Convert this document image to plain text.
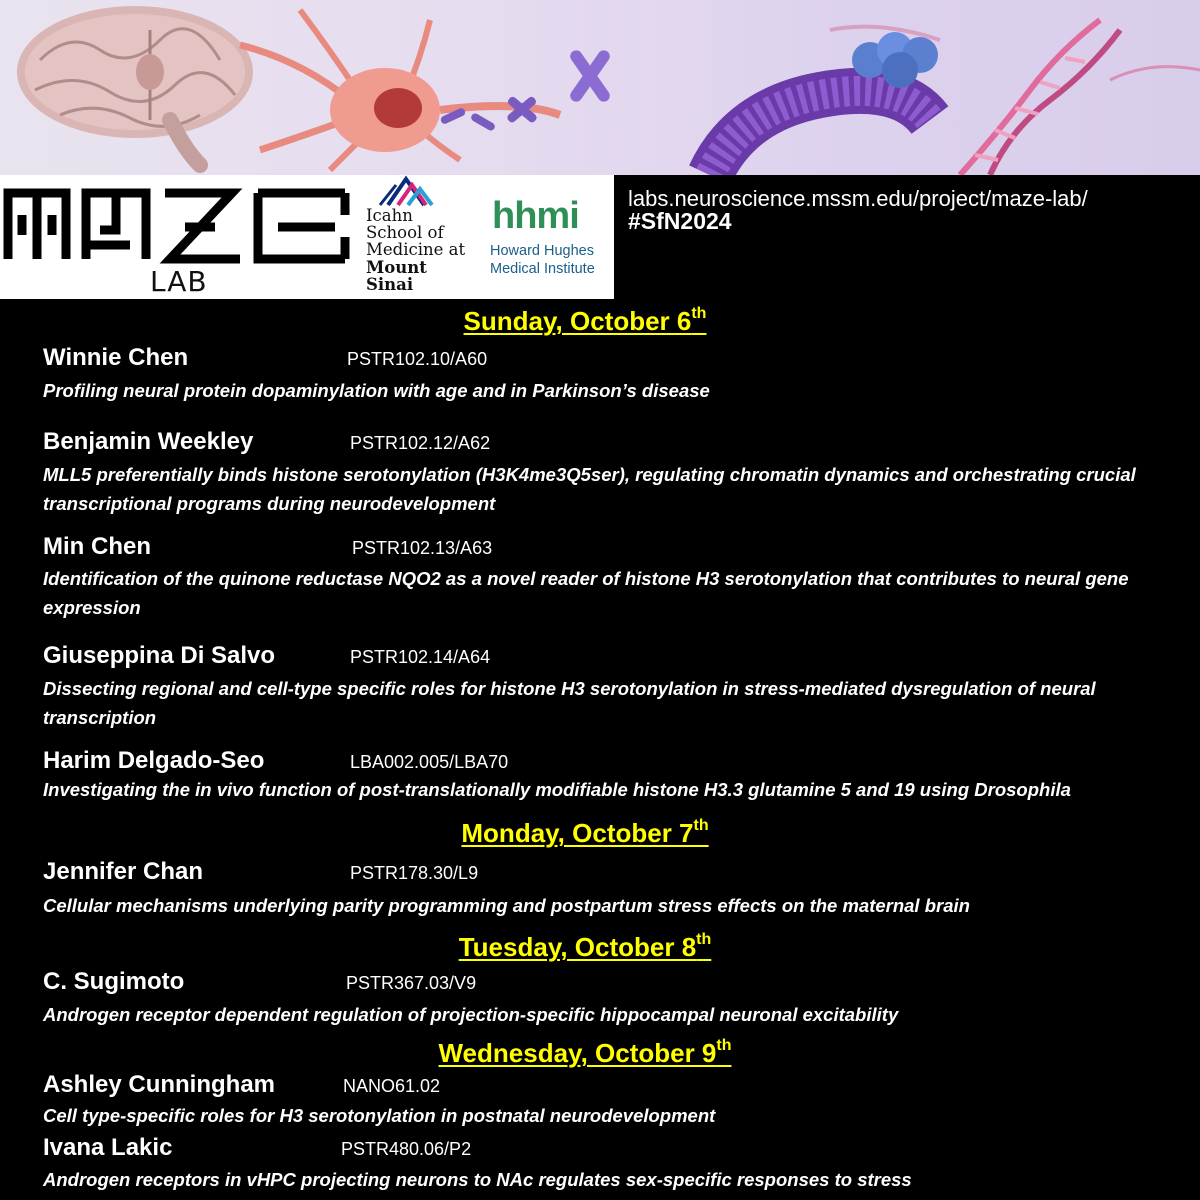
LAB
Icahn
School of
Medicine at
Mount
Sinai
hhmi
Howard Hughes
Medical Institute
labs.neuroscience.mssm.edu/project/maze-lab/
#SfN2024
Sunday, October 6th
Winnie Chen	PSTR102.10/A60
Profiling neural protein dopaminylation with age and in Parkinson’s disease
Benjamin Weekley	PSTR102.12/A62
MLL5 preferentially binds histone serotonylation (H3K4me3Q5ser), regulating chromatin dynamics and orchestrating crucial transcriptional programs during neurodevelopment
Min Chen	PSTR102.13/A63
Identification of the quinone reductase NQO2 as a novel reader of histone H3 serotonylation that contributes to neural gene expression
Giuseppina Di Salvo	PSTR102.14/A64
Dissecting regional and cell-type specific roles for histone H3 serotonylation in stress-mediated dysregulation of neural transcription
Harim Delgado-Seo	LBA002.005/LBA70
Investigating the in vivo function of post-translationally modifiable histone H3.3 glutamine 5 and 19 using Drosophila
Monday, October 7th
Jennifer Chan	PSTR178.30/L9
Cellular mechanisms underlying parity programming and postpartum stress effects on the maternal brain
Tuesday, October 8th
C. Sugimoto	PSTR367.03/V9
Androgen receptor dependent regulation of projection-specific hippocampal neuronal excitability
Wednesday, October 9th
Ashley Cunningham	NANO61.02
Cell type-specific roles for H3 serotonylation in postnatal neurodevelopment
Ivana Lakic	PSTR480.06/P2
Androgen receptors in vHPC projecting neurons to NAc regulates sex-specific responses to stress
